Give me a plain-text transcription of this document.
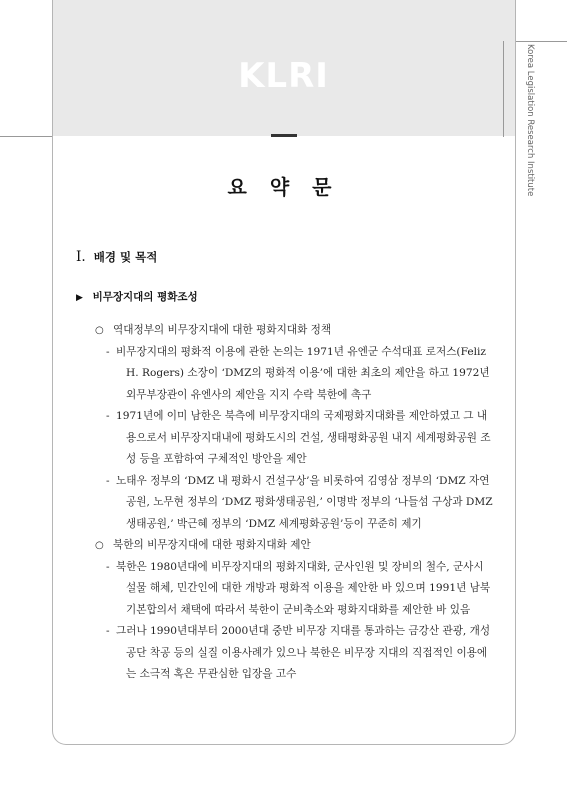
KLRI	Korea Legislation Research Institute
요 약 문
Ⅰ. 배경 및 목적
▶ 비무장지대의 평화조성
○ 역대정부의 비무장지대에 대한 평화지대화 정책
- 비무장지대의 평화적 이용에 관한 논의는 1971년 유엔군 수석대표 로저스(Feliz
H. Rogers) 소장이 ‘DMZ의 평화적 이용’에 대한 최초의 제안을 하고 1972년
외무부장관이 유엔사의 제안을 지지 수락 북한에 촉구
- 1971년에 이미 남한은 북측에 비무장지대의 국제평화지대화를 제안하였고 그 내
용으로서 비무장지대내에 평화도시의 건설, 생태평화공원 내지 세계평화공원 조
성 등을 포함하여 구체적인 방안을 제안
- 노태우 정부의 ‘DMZ 내 평화시 건설구상’을 비롯하여 김영삼 정부의 ‘DMZ 자연
공원, 노무현 정부의 ‘DMZ 평화생태공원,’ 이명박 정부의 ‘나들섬 구상과 DMZ
생태공원,’ 박근혜 정부의 ‘DMZ 세계평화공원’등이 꾸준히 제기
○ 북한의 비무장지대에 대한 평화지대화 제안
- 북한은 1980년대에 비무장지대의 평화지대화, 군사인원 및 장비의 철수, 군사시
설물 해체, 민간인에 대한 개방과 평화적 이용을 제안한 바 있으며 1991년 남북
기본합의서 채택에 따라서 북한이 군비축소와 평화지대화를 제안한 바 있음
- 그러나 1990년대부터 2000년대 중반 비무장 지대를 통과하는 금강산 관광, 개성
공단 착공 등의 실질 이용사례가 있으나 북한은 비무장 지대의 직접적인 이용에
는 소극적 혹은 무관심한 입장을 고수
